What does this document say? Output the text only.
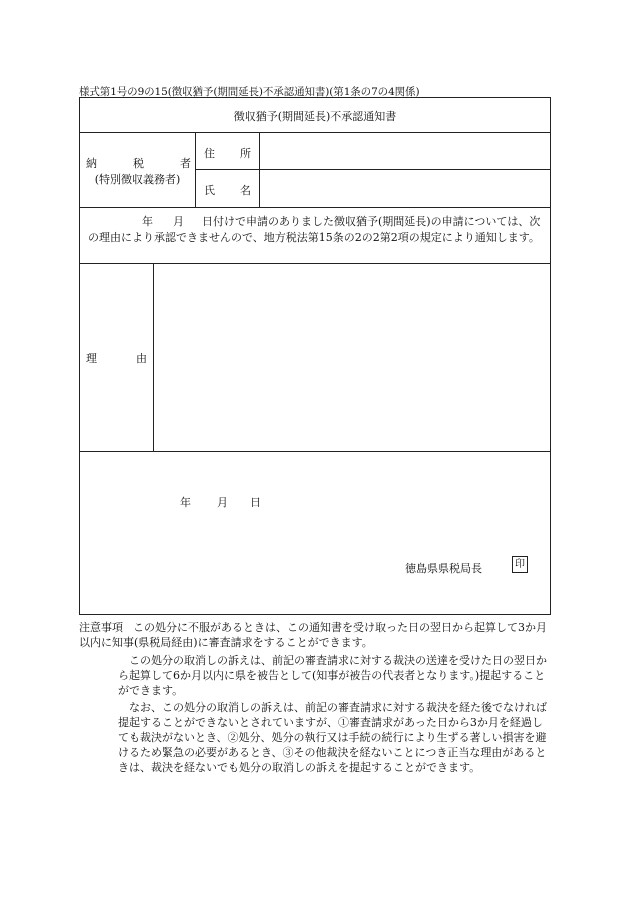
様式第1号の9の15(徴収猶予(期間延長)不承認通知書)(第1条の7の4関係)
徴収猶予(期間延長)不承認通知書
納	税	者
(特別徴収義務者)
住 所
氏 名
年 月 日付けで申請のありました徴収猶予(期間延長)の申請については、次の理由により承認できませんので、地方税法第15条の2の2第2項の規定により通知します。
理	由
年 月 日
徳島県県税局長	印
注意事項 この処分に不服があるときは、この通知書を受け取った日の翌日から起算して3か月以内に知事(県税局経由)に審査請求をすることができます。

この処分の取消しの訴えは、前記の審査請求に対する裁決の送達を受けた日の翌日から起算して6か月以内に県を被告として(知事が被告の代表者となります。)提起することができます。

なお、この処分の取消しの訴えは、前記の審査請求に対する裁決を経た後でなければ提起することができないとされていますが、①審査請求があった日から3か月を経過しても裁決がないとき、②処分、処分の執行又は手続の続行により生ずる著しい損害を避けるため緊急の必要があるとき、③その他裁決を経ないことにつき正当な理由があるときは、裁決を経ないでも処分の取消しの訴えを提起することができます。
